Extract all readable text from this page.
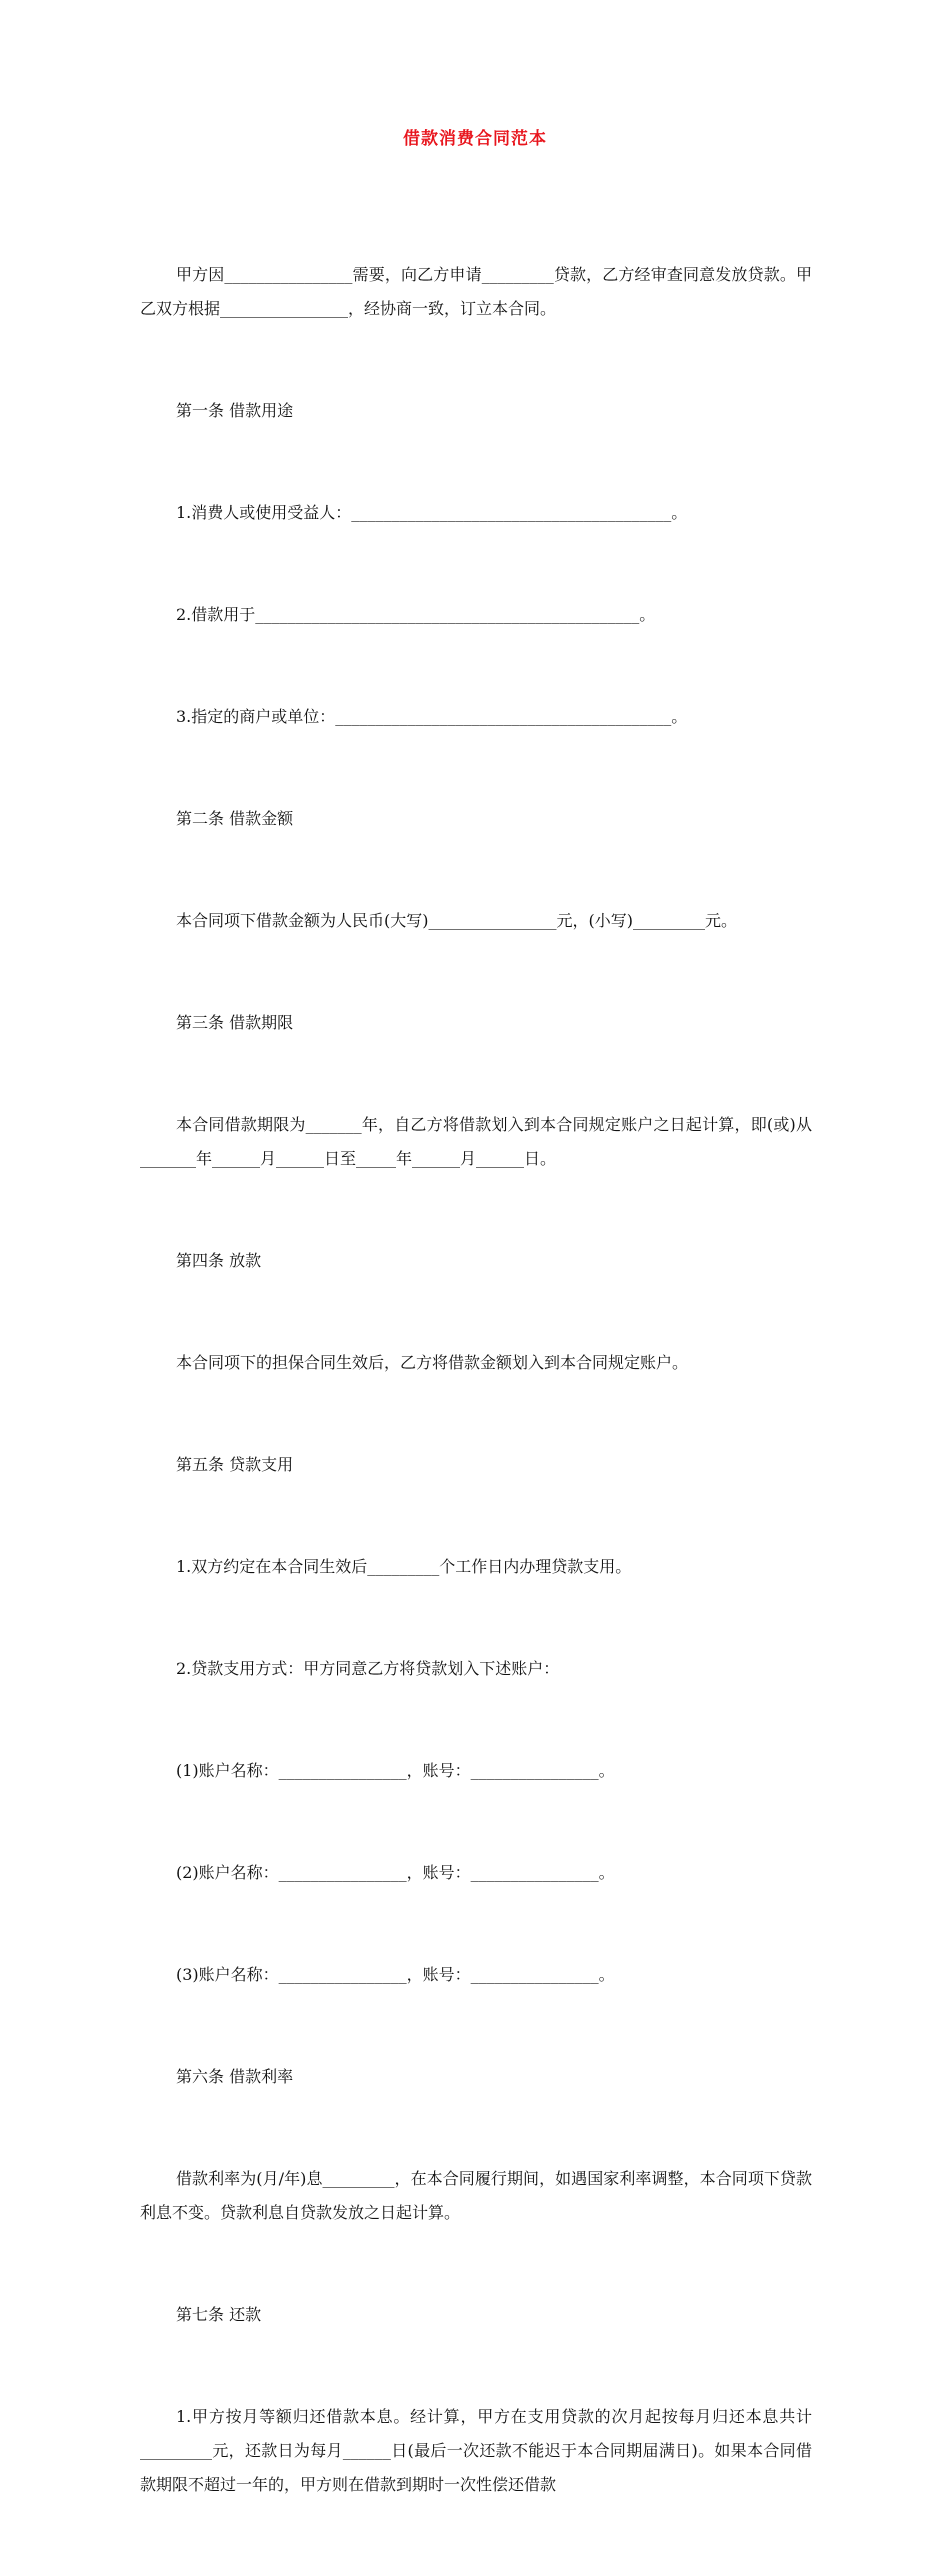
借款消费合同范本

甲方因________________需要，向乙方申请_________贷款，乙方经审查同意发放贷款。甲乙双方根据________________，经协商一致，订立本合同。

第一条 借款用途

1.消费人或使用受益人：________________________________________。

2.借款用于________________________________________________。

3.指定的商户或单位：__________________________________________。

第二条 借款金额

本合同项下借款金额为人民币(大写)________________元，(小写)_________元。

第三条 借款期限

本合同借款期限为_______年，自乙方将借款划入到本合同规定账户之日起计算，即(或)从_______年______月______日至_____年______月______日。

第四条 放款

本合同项下的担保合同生效后，乙方将借款金额划入到本合同规定账户。

第五条 贷款支用

1.双方约定在本合同生效后_________个工作日内办理贷款支用。

2.贷款支用方式：甲方同意乙方将贷款划入下述账户：

(1)账户名称：________________，账号：________________。

(2)账户名称：________________，账号：________________。

(3)账户名称：________________，账号：________________。

第六条 借款利率

借款利率为(月/年)息_________，在本合同履行期间，如遇国家利率调整，本合同项下贷款利息不变。贷款利息自贷款发放之日起计算。

第七条 还款

1.甲方按月等额归还借款本息。经计算，甲方在支用贷款的次月起按每月归还本息共计_________元，还款日为每月______日(最后一次还款不能迟于本合同期届满日)。如果本合同借款期限不超过一年的，甲方则在借款到期时一次性偿还借款
